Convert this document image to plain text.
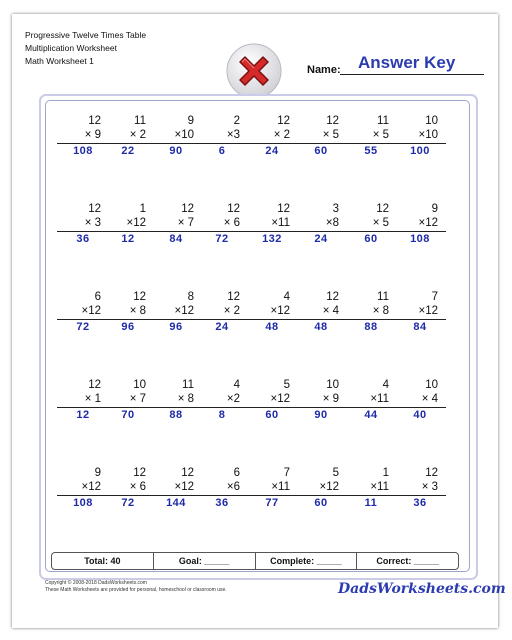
Progressive Twelve Times Table
Multiplication Worksheet
Math Worksheet 1
Name: Answer Key
12
× 9
108
11
× 2
22
9
×10
90
2
×3
6
12
× 2
24
12
× 5
60
11
× 5
55
10
×10
100
12
× 3
36
1
×12
12
12
× 7
84
12
× 6
72
12
×11
132
3
×8
24
12
× 5
60
9
×12
108
6
×12
72
12
× 8
96
8
×12
96
12
× 2
24
4
×12
48
12
× 4
48
11
× 8
88
7
×12
84
12
× 1
12
10
× 7
70
11
× 8
88
4
×2
8
5
×12
60
10
× 9
90
4
×11
44
10
× 4
40
9
×12
108
12
× 6
72
12
×12
144
6
×6
36
7
×11
77
5
×12
60
1
×11
11
12
× 3
36
Total: 40	Goal: _____	Complete: _____	Correct: _____
Copyright © 2008-2018 DadsWorksheets.com
These Math Worksheets are provided for personal, homeschool or classroom use.	DadsWorksheets.com
